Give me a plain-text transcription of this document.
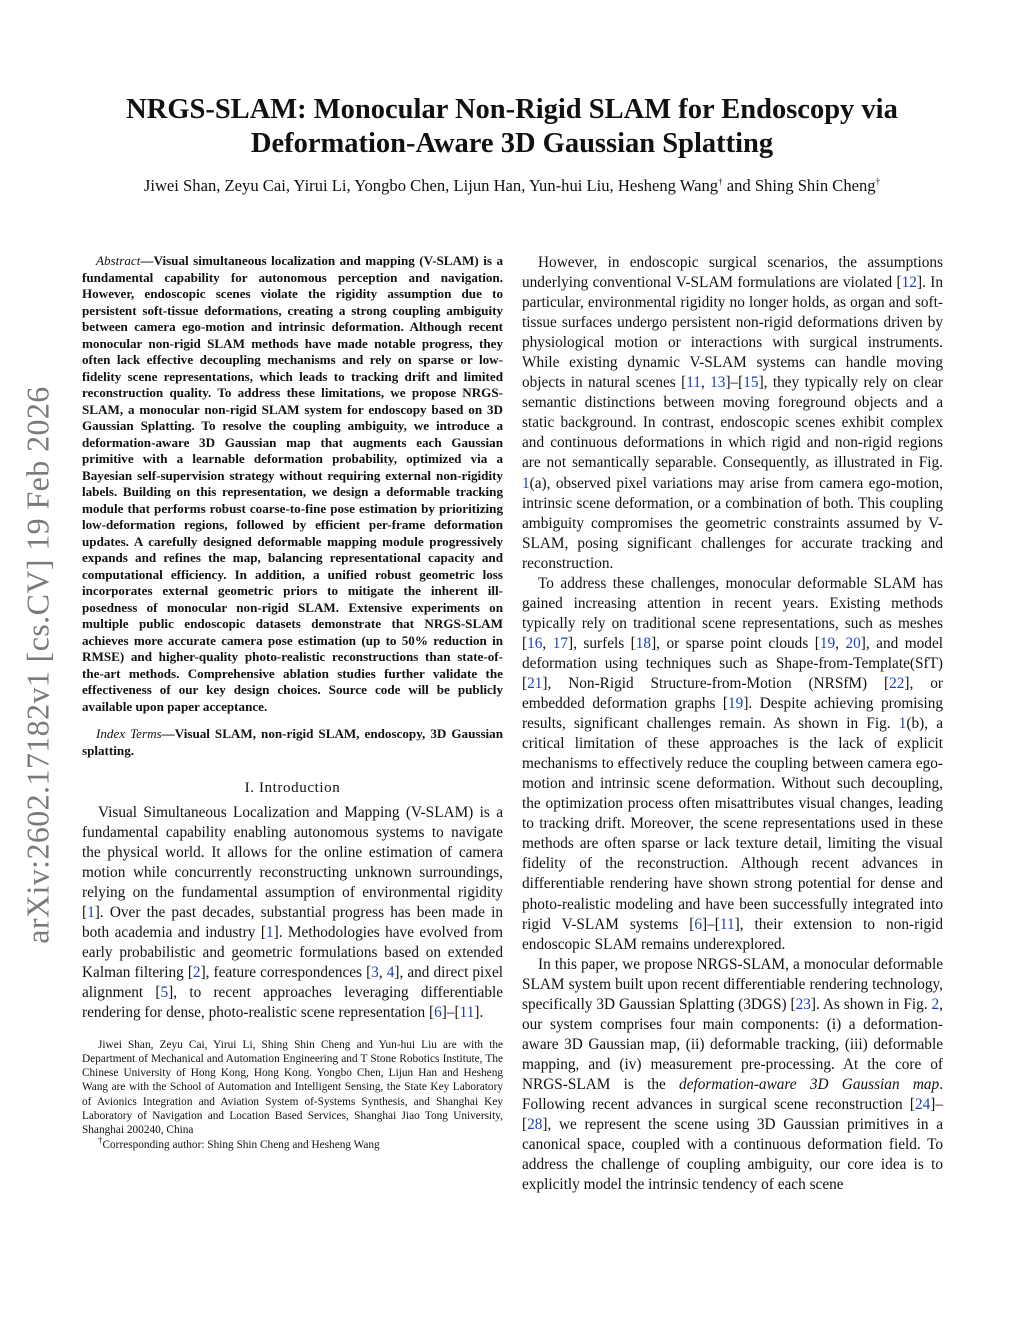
arXiv:2602.17182v1 [cs.CV] 19 Feb 2026
NRGS-SLAM: Monocular Non-Rigid SLAM for Endoscopy via
Deformation-Aware 3D Gaussian Splatting
Jiwei Shan, Zeyu Cai, Yirui Li, Yongbo Chen, Lijun Han, Yun-hui Liu, Hesheng Wang† and Shing Shin Cheng†

Abstract—Visual simultaneous localization and mapping (V-SLAM) is a fundamental capability for autonomous perception and navigation. However, endoscopic scenes violate the rigidity assumption due to persistent soft-tissue deformations, creating a strong coupling ambiguity between camera ego-motion and intrinsic deformation. Although recent monocular non-rigid SLAM methods have made notable progress, they often lack effective decoupling mechanisms and rely on sparse or low-fidelity scene representations, which leads to tracking drift and limited reconstruction quality. To address these limitations, we propose NRGS-SLAM, a monocular non-rigid SLAM system for endoscopy based on 3D Gaussian Splatting. To resolve the coupling ambiguity, we introduce a deformation-aware 3D Gaussian map that augments each Gaussian primitive with a learnable deformation probability, optimized via a Bayesian self-supervision strategy without requiring external non-rigidity labels. Building on this representation, we design a deformable tracking module that performs robust coarse-to-fine pose estimation by prioritizing low-deformation regions, followed by efficient per-frame deformation updates. A carefully designed deformable mapping module progressively expands and refines the map, balancing representational capacity and computational efficiency. In addition, a unified robust geometric loss incorporates external geometric priors to mitigate the inherent ill-posedness of monocular non-rigid SLAM. Extensive experiments on multiple public endoscopic datasets demonstrate that NRGS-SLAM achieves more accurate camera pose estimation (up to 50% reduction in RMSE) and higher-quality photo-realistic reconstructions than state-of-the-art methods. Comprehensive ablation studies further validate the effectiveness of our key design choices. Source code will be publicly available upon paper acceptance.

Index Terms—Visual SLAM, non-rigid SLAM, endoscopy, 3D Gaussian splatting.

I. Introduction

Visual Simultaneous Localization and Mapping (V-SLAM) is a fundamental capability enabling autonomous systems to navigate the physical world. It allows for the online estimation of camera motion while concurrently reconstructing unknown surroundings, relying on the fundamental assumption of environmental rigidity [1]. Over the past decades, substantial progress has been made in both academia and industry [1]. Methodologies have evolved from early probabilistic and geometric formulations based on extended Kalman filtering [2], feature correspondences [3, 4], and direct pixel alignment [5], to recent approaches leveraging differentiable rendering for dense, photo-realistic scene representation [6]–[11].

Jiwei Shan, Zeyu Cai, Yirui Li, Shing Shin Cheng and Yun-hui Liu are with the Department of Mechanical and Automation Engineering and T Stone Robotics Institute, The Chinese University of Hong Kong, Hong Kong. Yongbo Chen, Lijun Han and Hesheng Wang are with the School of Automation and Intelligent Sensing, the State Key Laboratory of Avionics Integration and Aviation System of-Systems Synthesis, and Shanghai Key Laboratory of Navigation and Location Based Services, Shanghai Jiao Tong University, Shanghai 200240, China

†Corresponding author: Shing Shin Cheng and Hesheng Wang

However, in endoscopic surgical scenarios, the assumptions underlying conventional V-SLAM formulations are violated [12]. In particular, environmental rigidity no longer holds, as organ and soft-tissue surfaces undergo persistent non-rigid deformations driven by physiological motion or interactions with surgical instruments. While existing dynamic V-SLAM systems can handle moving objects in natural scenes [11, 13]–[15], they typically rely on clear semantic distinctions between moving foreground objects and a static background. In contrast, endoscopic scenes exhibit complex and continuous deformations in which rigid and non-rigid regions are not semantically separable. Consequently, as illustrated in Fig. 1(a), observed pixel variations may arise from camera ego-motion, intrinsic scene deformation, or a combination of both. This coupling ambiguity compromises the geometric constraints assumed by V-SLAM, posing significant challenges for accurate tracking and reconstruction.

To address these challenges, monocular deformable SLAM has gained increasing attention in recent years. Existing methods typically rely on traditional scene representations, such as meshes [16, 17], surfels [18], or sparse point clouds [19, 20], and model deformation using techniques such as Shape-from-Template(SfT) [21], Non-Rigid Structure-from-Motion (NRSfM) [22], or embedded deformation graphs [19]. Despite achieving promising results, significant challenges remain. As shown in Fig. 1(b), a critical limitation of these approaches is the lack of explicit mechanisms to effectively reduce the coupling between camera ego-motion and intrinsic scene deformation. Without such decoupling, the optimization process often misattributes visual changes, leading to tracking drift. Moreover, the scene representations used in these methods are often sparse or lack texture detail, limiting the visual fidelity of the reconstruction. Although recent advances in differentiable rendering have shown strong potential for dense and photo-realistic modeling and have been successfully integrated into rigid V-SLAM systems [6]–[11], their extension to non-rigid endoscopic SLAM remains underexplored.

In this paper, we propose NRGS-SLAM, a monocular deformable SLAM system built upon recent differentiable rendering technology, specifically 3D Gaussian Splatting (3DGS) [23]. As shown in Fig. 2, our system comprises four main components: (i) a deformation-aware 3D Gaussian map, (ii) deformable tracking, (iii) deformable mapping, and (iv) measurement pre-processing. At the core of NRGS-SLAM is the deformation-aware 3D Gaussian map. Following recent advances in surgical scene reconstruction [24]–[28], we represent the scene using 3D Gaussian primitives in a canonical space, coupled with a continuous deformation field. To address the challenge of coupling ambiguity, our core idea is to explicitly model the intrinsic tendency of each scene
